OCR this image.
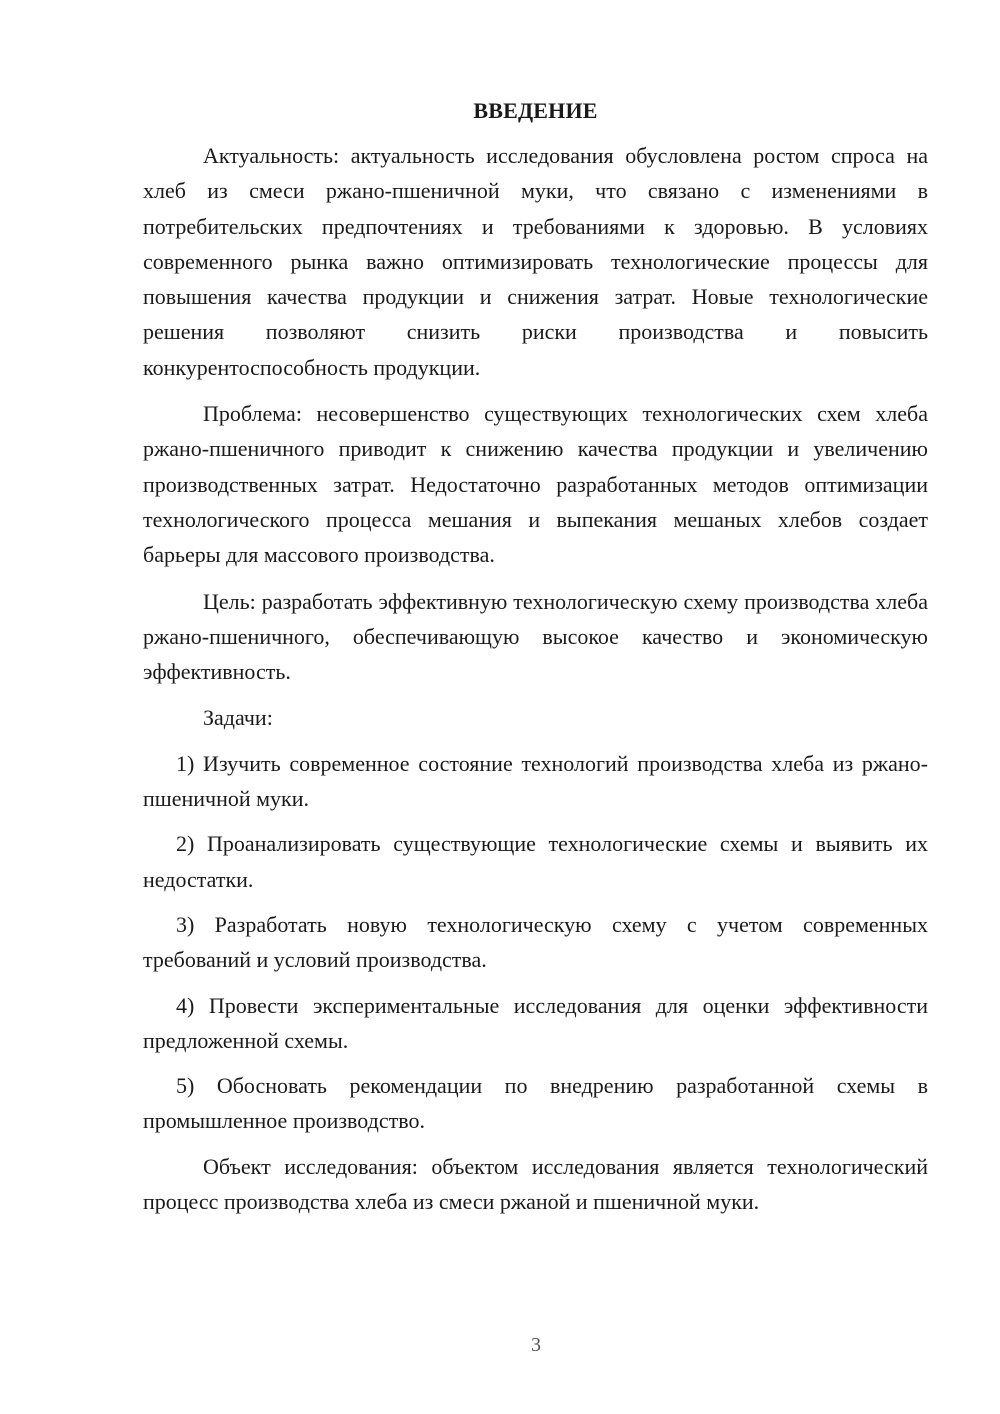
ВВЕДЕНИЕ

Актуальность: актуальность исследования обусловлена ростом спроса на хлеб из смеси ржано-пшеничной муки, что связано с изменениями в потребительских предпочтениях и требованиями к здоровью. В условиях современного рынка важно оптимизировать технологические процессы для повышения качества продукции и снижения затрат. Новые технологические решения позволяют снизить риски производства и повысить конкурентоспособность продукции.

Проблема: несовершенство существующих технологических схем хлеба ржано-пшеничного приводит к снижению качества продукции и увеличению производственных затрат. Недостаточно разработанных методов оптимизации технологического процесса мешания и выпекания мешаных хлебов создает барьеры для массового производства.

Цель: разработать эффективную технологическую схему производства хлеба ржано-пшеничного, обеспечивающую высокое качество и экономическую эффективность.

Задачи:

1) Изучить современное состояние технологий производства хлеба из ржано-пшеничной муки.

2) Проанализировать существующие технологические схемы и выявить их недостатки.

3) Разработать новую технологическую схему с учетом современных требований и условий производства.

4) Провести экспериментальные исследования для оценки эффективности предложенной схемы.

5) Обосновать рекомендации по внедрению разработанной схемы в промышленное производство.

Объект исследования: объектом исследования является технологический процесс производства хлеба из смеси ржаной и пшеничной муки.

3
